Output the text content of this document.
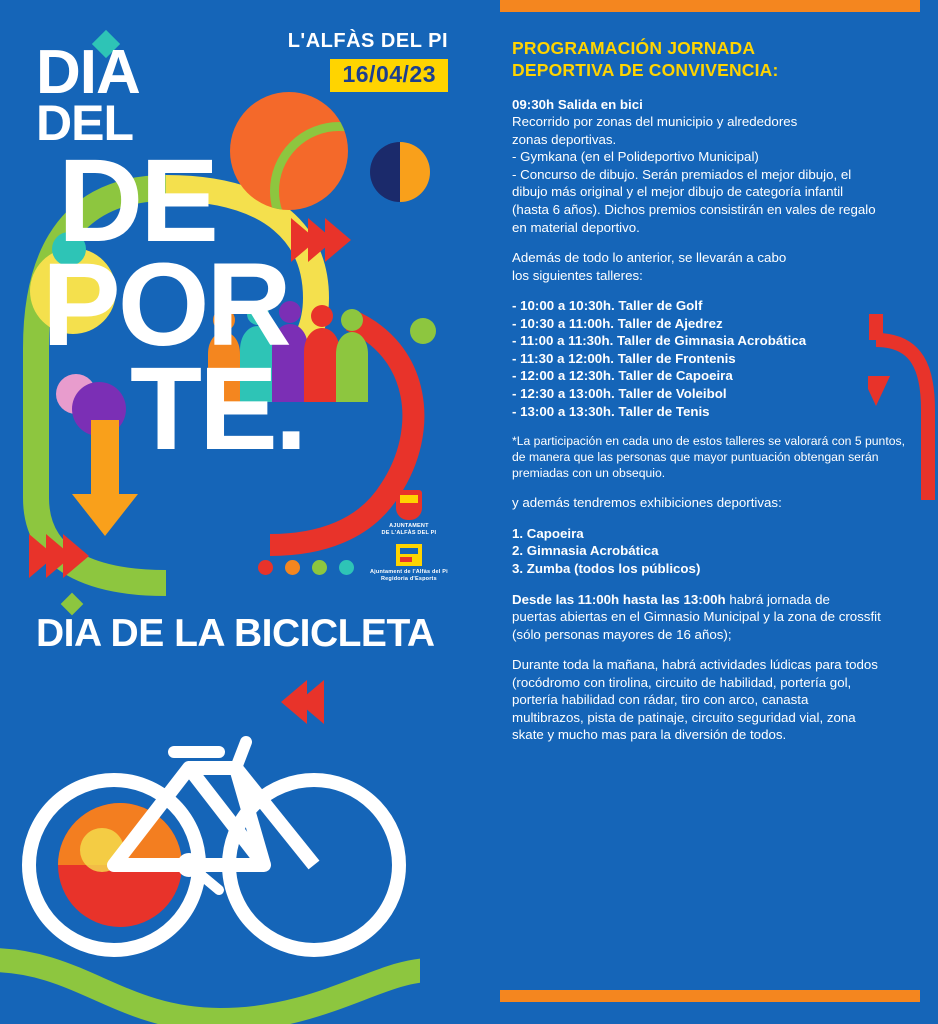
L'ALFÀS DEL PI
16/04/23
DIA
DEL
DE
POR
TE.
AJUNTAMENT
DE L'ALFÀS DEL PI
Ajuntament de l'Alfàs del Pi
Regidoria d'Esports
DIA DE LA BICICLETA
PROGRAMACIÓN JORNADA
DEPORTIVA DE CONVIVENCIA:

09:30h Salida en bici

Recorrido por zonas del municipio y alrededores

zonas deportivas.

- Gymkana (en el Polideportivo Municipal)

- Concurso de dibujo. Serán premiados el mejor dibujo, el

dibujo más original y el mejor dibujo de categoría infantil

(hasta 6 años). Dichos premios consistirán en vales de regalo

en material deportivo.

Además de todo lo anterior, se llevarán a cabo

los siguientes talleres:

- 10:00 a 10:30h. Taller de Golf

- 10:30 a 11:00h. Taller de Ajedrez

- 11:00 a 11:30h. Taller de Gimnasia Acrobática

- 11:30 a 12:00h. Taller de Frontenis

- 12:00 a 12:30h. Taller de Capoeira

- 12:30 a 13:00h. Taller de Voleibol

- 13:00 a 13:30h. Taller de Tenis

*La participación en cada uno de estos talleres se valorará con 5 puntos,

de manera que las personas que mayor puntuación obtengan serán

premiadas con un obsequio.

y además tendremos exhibiciones deportivas:

1. Capoeira

2. Gimnasia Acrobática

3. Zumba (todos los públicos)

Desde las 11:00h hasta las 13:00h habrá jornada de

puertas abiertas en el Gimnasio Municipal y la zona de crossfit

(sólo personas mayores de 16 años);

Durante toda la mañana, habrá actividades lúdicas para todos

(rocódromo con tirolina, circuito de habilidad, portería gol,

portería habilidad con rádar, tiro con arco, canasta

multibrazos, pista de patinaje, circuito seguridad vial, zona

skate y mucho mas para la diversión de todos.
